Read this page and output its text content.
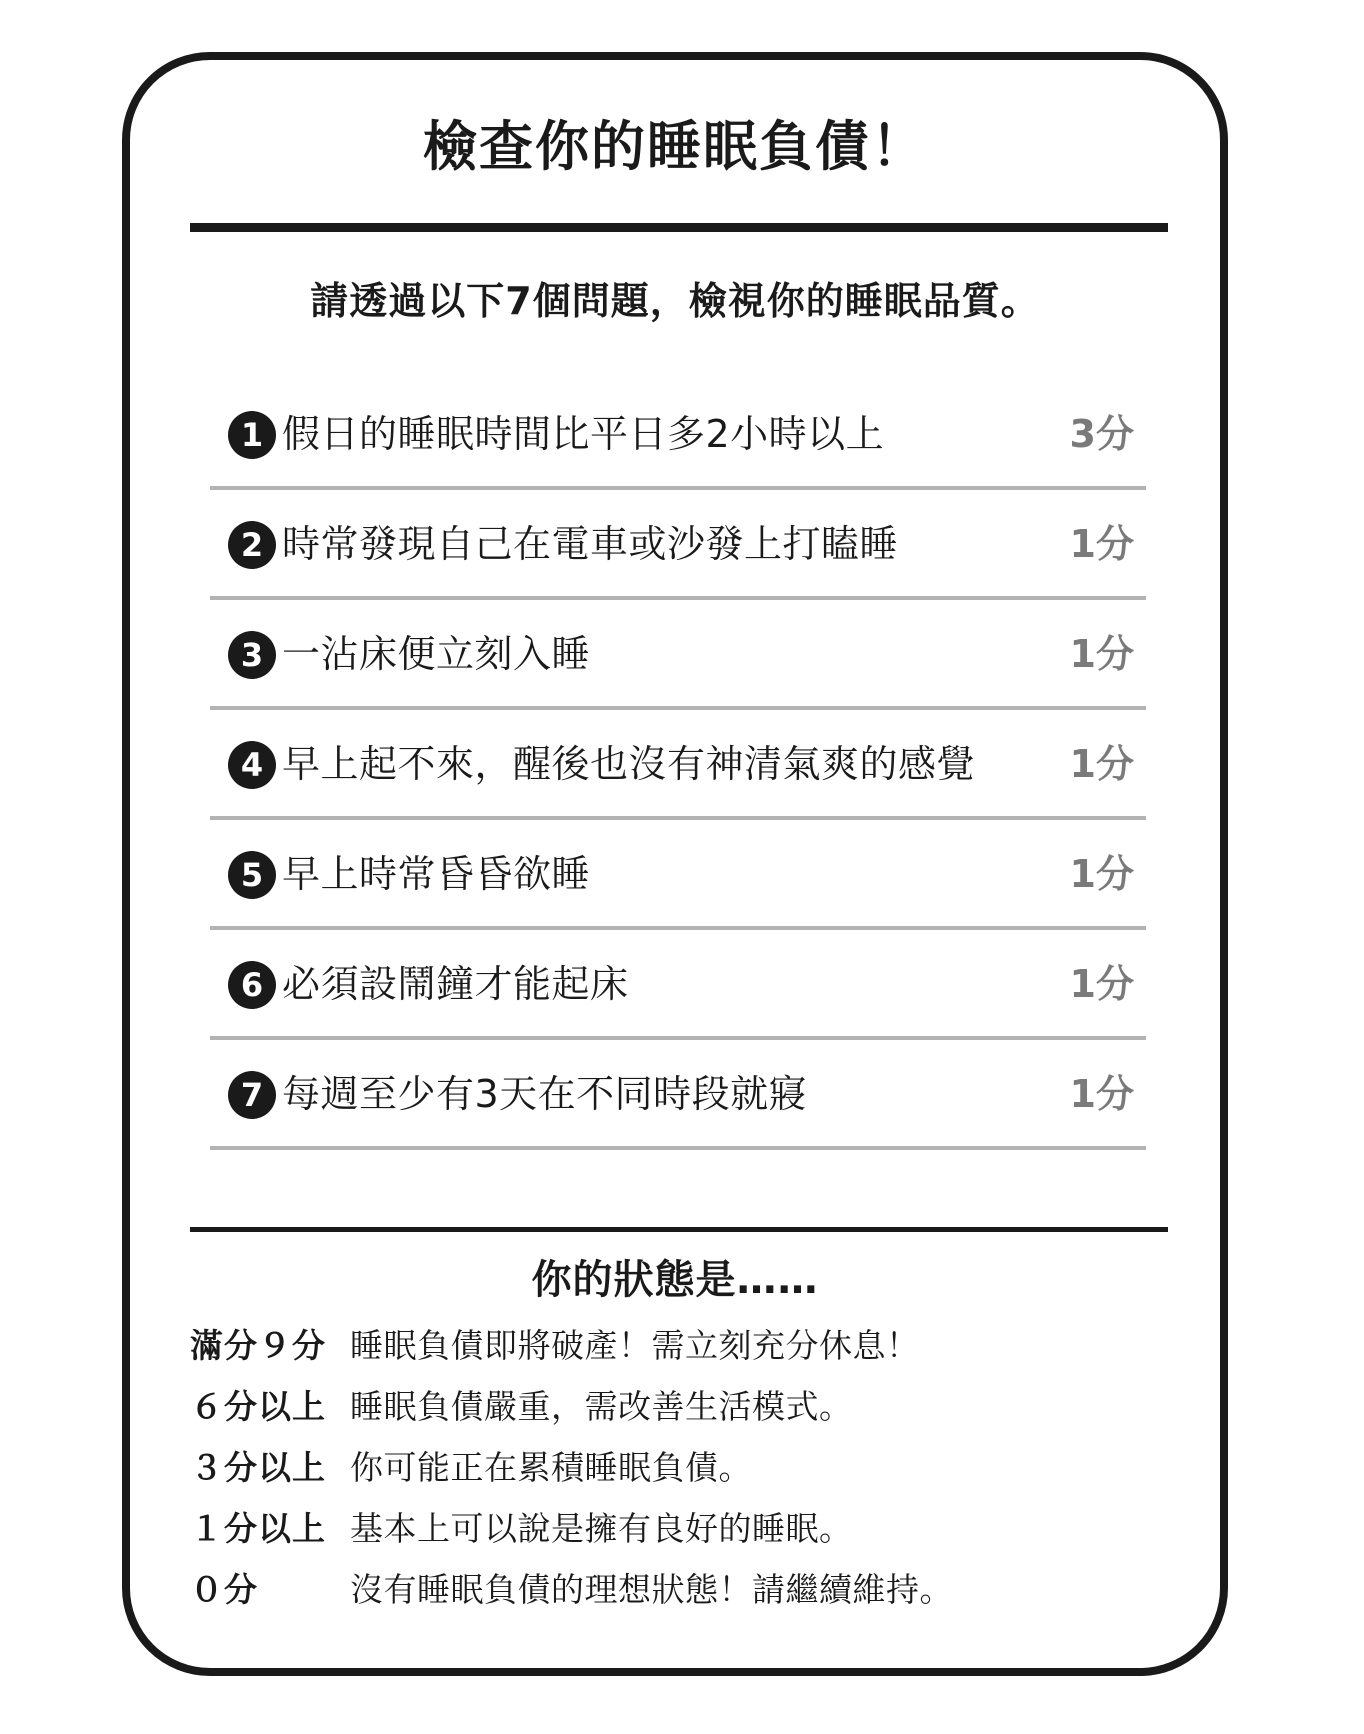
檢查你的睡眠負債！
請透過以下7個問題，檢視你的睡眠品質。
1 假日的睡眠時間比平日多2小時以上	3分
2 時常發現自己在電車或沙發上打瞌睡	1分
3 一沾床便立刻入睡	1分
4 早上起不來，醒後也沒有神清氣爽的感覺 1分
5 早上時常昏昏欲睡	1分
6 必須設鬧鐘才能起床	1分
7 每週至少有3天在不同時段就寢	1分
你的狀態是……
滿分９分 睡眠負債即將破產！需立刻充分休息！
６分以上 睡眠負債嚴重，需改善生活模式。
３分以上 你可能正在累積睡眠負債。
１分以上 基本上可以說是擁有良好的睡眠。
０分	沒有睡眠負債的理想狀態！請繼續維持。
